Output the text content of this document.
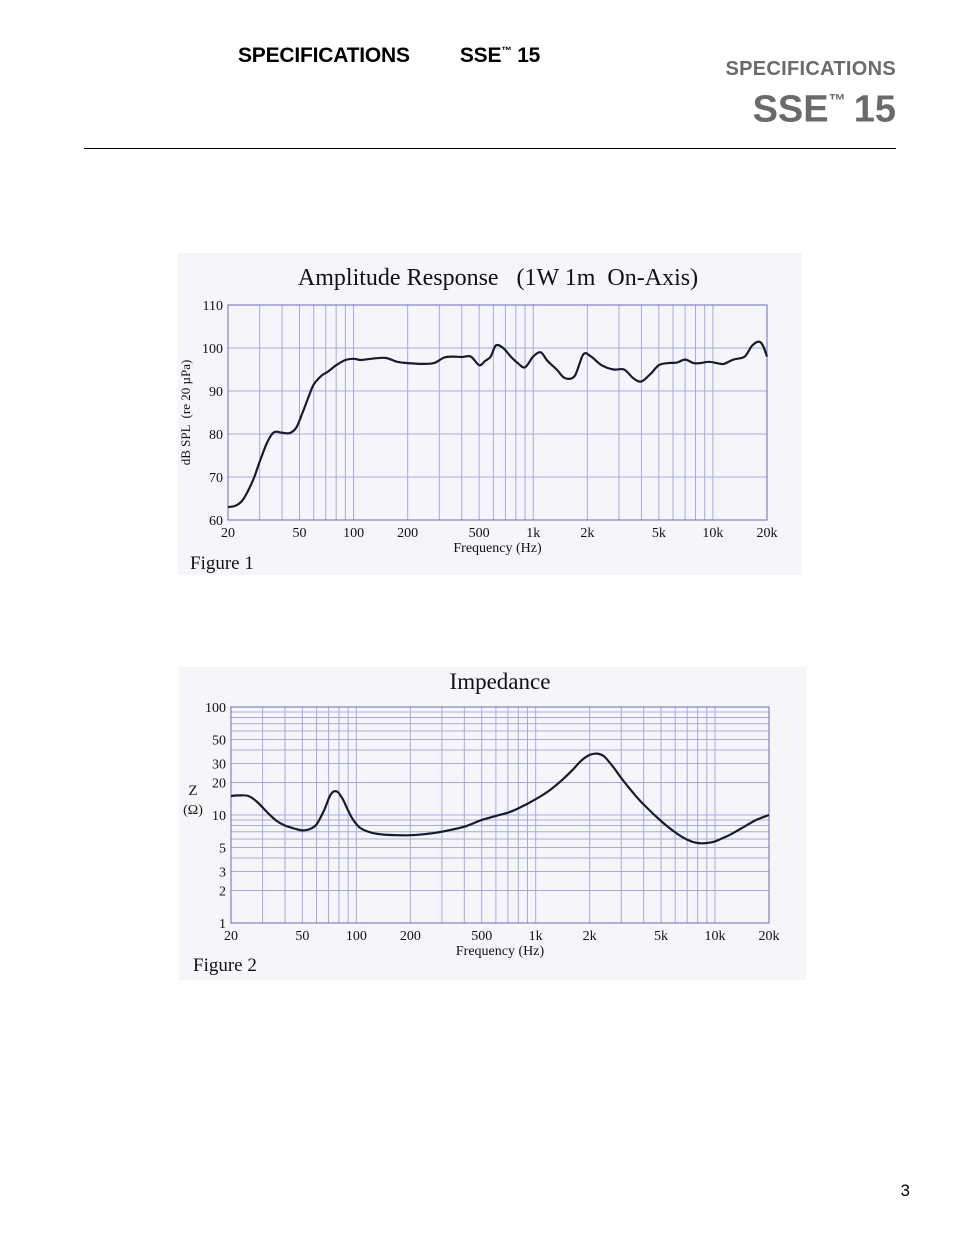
SPECIFICATIONS SSE™ 15
SPECIFICATIONS
SSE™ 15
20	50	100 200	500	1k	2k	5k	10k 20k
60
70
80
90
100
110
Amplitude Response   (1W 1m  On-Axis)
Frequency (Hz)
Figure 1
dB SPL  (re 20 µPa)
20	50	100 200	500	1k	2k	5k	10k 20k
1
2
3
5
10
20
30
50
100
Impedance
Frequency (Hz)
Figure 2
Z
(Ω)
3
